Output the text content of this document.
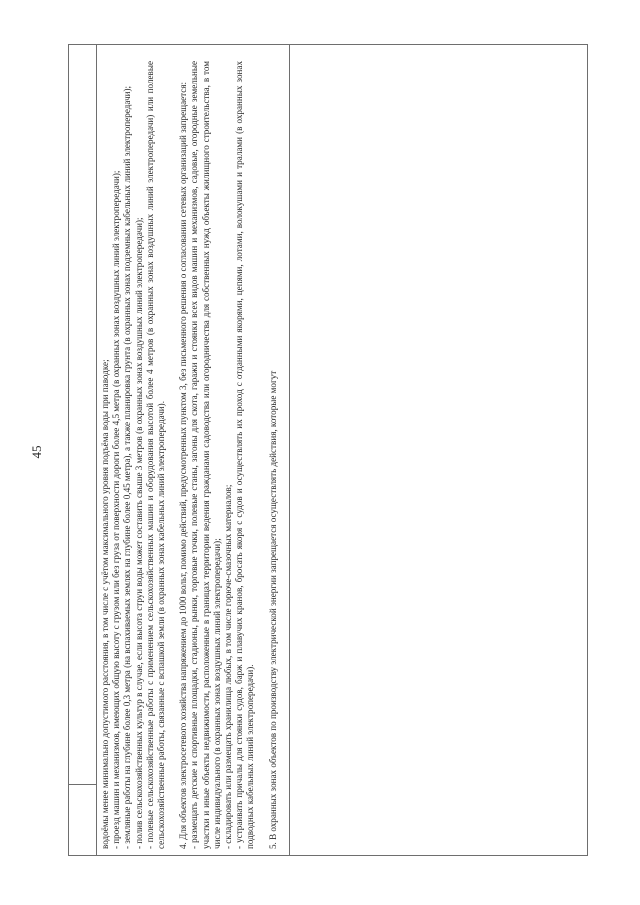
45	водоёмы менее минимально допустимого расстояния, в том числе с учётом максимального уровня подъёма воды при паводке; - проезд машин и механизмов, имеющих общую высоту с грузом или без груза от поверхности дороги более 4,5 метра (в охранных зонах воздушных линий электропередачи); - земляные работы на глубине более 0,3 метра (на вспахиваемых землях на глубине более 0,45 метра), а также планировка грунта (в охранных зонах подземных кабельных линий электропередачи); - полив сельскохозяйственных культур в случае, если высота струи воды может составить свыше 3 метров (в охранных зонах воздушных линий электропередачи); - полевые сельскохозяйственные работы с применением сельскохозяйственных машин и оборудования высотой более 4 метров (в охранных зонах воздушных линий электропередачи) или полевые сельскохозяйственные работы, связанные с вспашкой земли (в охранных зонах кабельных линий электропередачи). 4. Для объектов электросетевого хозяйства напряжением до 1000 вольт, помимо действий, предусмотренных пунктом 3, без письменного решения о согласовании сетевых организаций запрещается: - размещать детские и спортивные площадки, стадионы, рынки, торговые точки, полевые станы, загоны для скота, гаражи и стоянки всех видов машин и механизмов, садовые, огородные земельные участки и иные объекты недвижимости, расположенные в границах территории ведения гражданами садоводства или огородничества для собственных нужд объекты жилищного строительства, в том числе индивидуального (в охранных зонах воздушных линий электропередачи); - складировать или размещать хранилища любых, в том числе горюче-смазочных материалов; - устраивать причалы для стоянки судов, барж и плавучих кранов, бросать якоря с судов и осуществлять их проход с отданными якорями, цепями, лотами, волокушами и тралами (в охранных зонах подводных кабельных линий электропередачи). 5. В охранных зонах объектов по производству электрической энергии запрещается осуществлять действия, которые могут
